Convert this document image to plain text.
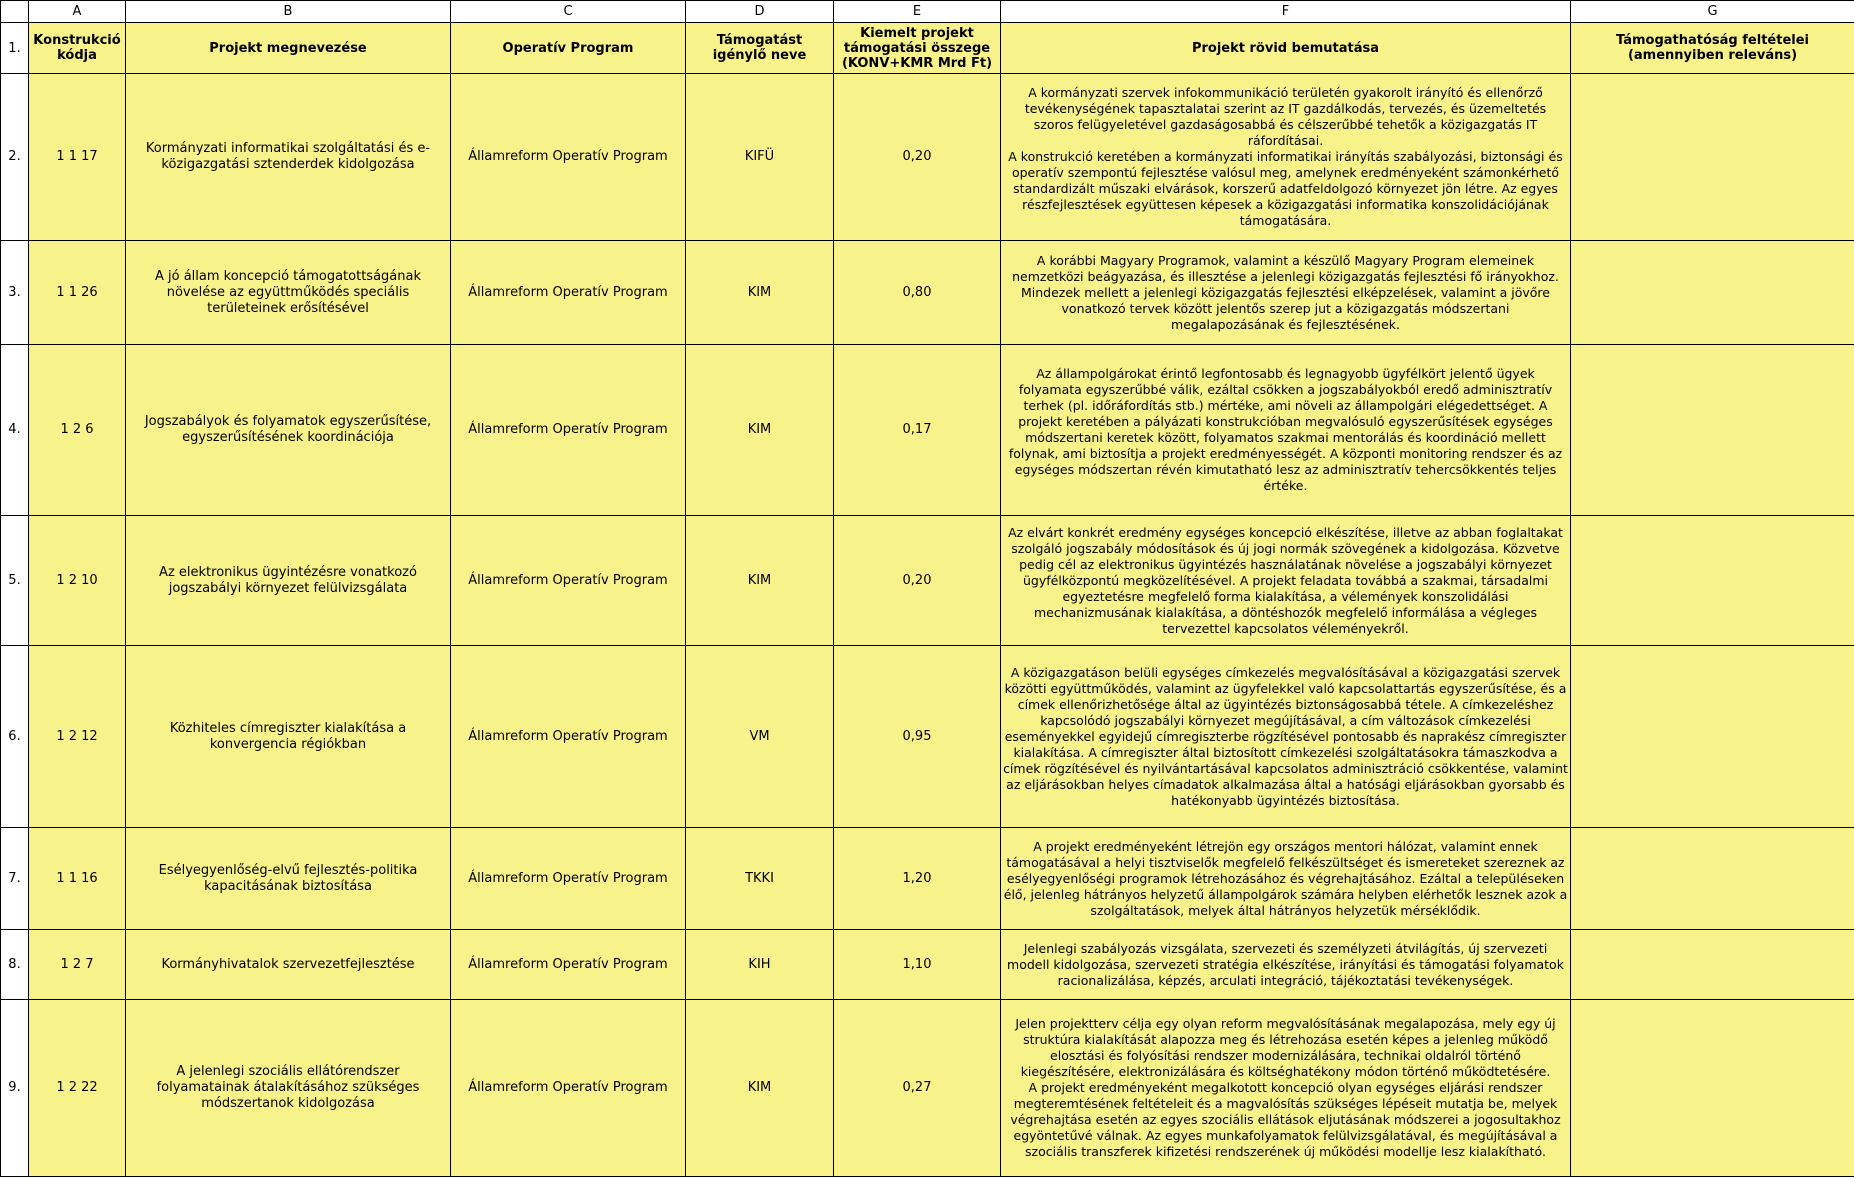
	A	B	C	D	E	F	G
1.	Konstrukció kódja	Projekt megnevezése	Operatív Program	Támogatást igénylő neve	Kiemelt projekt támogatási összege (KONV+KMR Mrd Ft)	Projekt rövid bemutatása	Támogathatóság feltételei (amennyiben releváns)
2.	1 1 17	Kormányzati informatikai szolgáltatási és e-közigazgatási sztenderdek kidolgozása	Államreform Operatív Program	KIFÜ	0,20	A kormányzati szervek infokommunikáció területén gyakorolt irányító és ellenőrző tevékenységének tapasztalatai szerint az IT gazdálkodás, tervezés, és üzemeltetés szoros felügyeletével gazdaságosabbá és célszerűbbé tehetők a közigazgatás IT ráfordításai.
A konstrukció keretében a kormányzati informatikai irányítás szabályozási, biztonsági és operatív szempontú fejlesztése valósul meg, amelynek eredményeként számonkérhető standardizált műszaki elvárások, korszerű adatfeldolgozó környezet jön létre. Az egyes részfejlesztések együttesen képesek a közigazgatási informatika konszolidációjának támogatására.	
3.	1 1 26	A jó állam koncepció támogatottságának növelése az együttműködés speciális területeinek erősítésével	Államreform Operatív Program	KIM	0,80	A korábbi Magyary Programok, valamint a készülő Magyary Program elemeinek nemzetközi beágyazása, és illesztése a jelenlegi közigazgatás fejlesztési fő irányokhoz. Mindezek mellett a jelenlegi közigazgatás fejlesztési elképzelések, valamint a jövőre vonatkozó tervek között jelentős szerep jut a közigazgatás módszertani megalapozásának és fejlesztésének.	
4.	1 2 6	Jogszabályok és folyamatok egyszerűsítése, egyszerűsítésének koordinációja	Államreform Operatív Program	KIM	0,17	Az állampolgárokat érintő legfontosabb és legnagyobb ügyfélkört jelentő ügyek folyamata egyszerűbbé válik, ezáltal csökken a jogszabályokból eredő adminisztratív terhek (pl. időráfordítás stb.) mértéke, ami növeli az állampolgári elégedettséget. A projekt keretében a pályázati konstrukcióban megvalósuló egyszerűsítések egységes módszertani keretek között, folyamatos szakmai mentorálás és koordináció mellett folynak, ami biztosítja a projekt eredményességét. A központi monitoring rendszer és az egységes módszertan révén kimutatható lesz az adminisztratív tehercsökkentés teljes értéke.	
5.	1 2 10	Az elektronikus ügyintézésre vonatkozó jogszabályi környezet felülvizsgálata	Államreform Operatív Program	KIM	0,20	Az elvárt konkrét eredmény egységes koncepció elkészítése, illetve az abban foglaltakat szolgáló jogszabály módosítások és új jogi normák szövegének a kidolgozása. Közvetve pedig cél az elektronikus ügyintézés használatának növelése a jogszabályi környezet ügyfélközpontú megközelítésével. A projekt feladata továbbá a szakmai, társadalmi egyeztetésre megfelelő forma kialakítása, a vélemények konszolidálási mechanizmusának kialakítása, a döntéshozók megfelelő informálása a végleges tervezettel kapcsolatos véleményekről.	
6.	1 2 12	Közhiteles címregiszter kialakítása a konvergencia régiókban	Államreform Operatív Program	VM	0,95	A közigazgatáson belüli egységes címkezelés megvalósításával a közigazgatási szervek közötti együttműködés, valamint az ügyfelekkel való kapcsolattartás egyszerűsítése, és a címek ellenőrizhetősége által az ügyintézés biztonságosabbá tétele. A címkezeléshez kapcsolódó jogszabályi környezet megújításával, a cím változások címkezelési eseményekkel egyidejű címregiszterbe rögzítésével pontosabb és naprakész címregiszter kialakítása. A címregiszter által biztosított címkezelési szolgáltatásokra támaszkodva a címek rögzítésével és nyilvántartásával kapcsolatos adminisztráció csökkentése, valamint az eljárásokban helyes címadatok alkalmazása által a hatósági eljárásokban gyorsabb és hatékonyabb ügyintézés biztosítása.	
7.	1 1 16	Esélyegyenlőség-elvű fejlesztés-politika kapacitásának biztosítása	Államreform Operatív Program	TKKI	1,20	A projekt eredményeként létrejön egy országos mentori hálózat, valamint ennek támogatásával a helyi tisztviselők megfelelő felkészültséget és ismereteket szereznek az esélyegyenlőségi programok létrehozásához és végrehajtásához. Ezáltal a településeken élő, jelenleg hátrányos helyzetű állampolgárok számára helyben elérhetők lesznek azok a szolgáltatások, melyek által hátrányos helyzetük mérséklődik.	
8.	1 2 7	Kormányhivatalok szervezetfejlesztése	Államreform Operatív Program	KIH	1,10	Jelenlegi szabályozás vizsgálata, szervezeti és személyzeti átvilágítás, új szervezeti modell kidolgozása, szervezeti stratégia elkészítése, irányítási és támogatási folyamatok racionalizálása, képzés, arculati integráció, tájékoztatási tevékenységek.	
9.	1 2 22	A jelenlegi szociális ellátórendszer folyamatainak átalakításához szükséges módszertanok kidolgozása	Államreform Operatív Program	KIM	0,27	Jelen projektterv célja egy olyan reform megvalósításának megalapozása, mely egy új struktúra kialakítását alapozza meg és létrehozása esetén képes a jelenleg működő elosztási és folyósítási rendszer modernizálására, technikai oldalról történő kiegészítésére, elektronizálására és költséghatékony módon történő működtetésére.
A projekt eredményeként megalkotott koncepció olyan egységes eljárási rendszer megteremtésének feltételeit és a magvalósítás szükséges lépéseit mutatja be, melyek végrehajtása esetén az egyes szociális ellátások eljutásának módszerei a jogosultakhoz egyöntetűvé válnak. Az egyes munkafolyamatok felülvizsgálatával, és megújításával a szociális transzferek kifizetési rendszerének új működési modellje lesz kialakítható.	
